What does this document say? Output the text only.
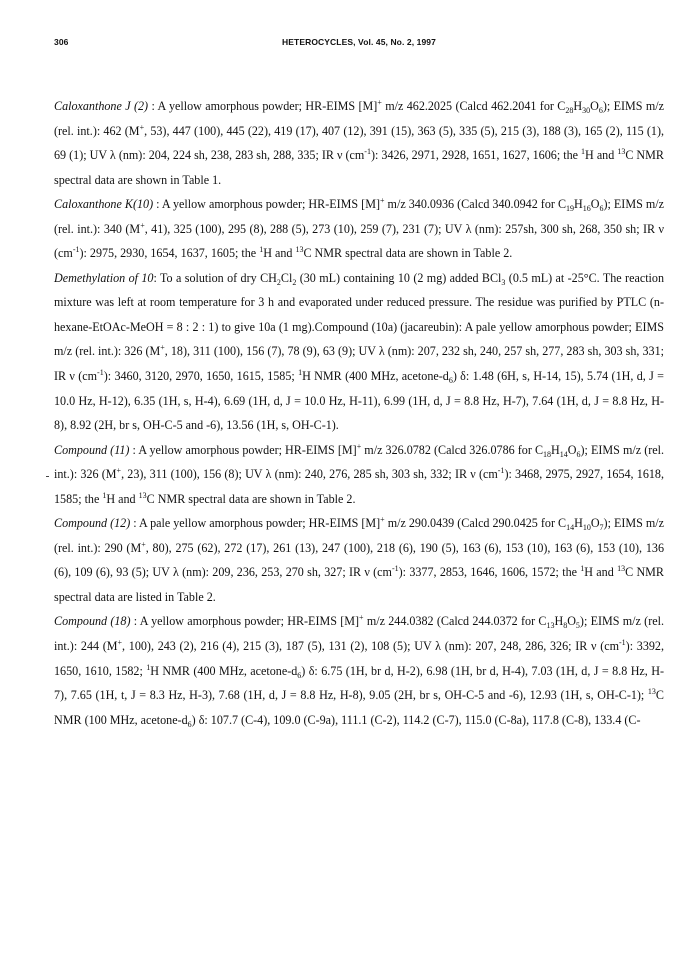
306	HETEROCYCLES, Vol. 45, No. 2, 1997

Caloxanthone J (2) : A yellow amorphous powder; HR-EIMS [M]+ m/z 462.2025 (Calcd 462.2041 for $C_{28}H_{30}O_6$); EIMS m/z (rel. int.): 462 (M+, 53), 447 (100), 445 (22), 419 (17), 407 (12), 391 (15), 363 (5), 335 (5), 215 (3), 188 (3), 165 (2), 115 (1), 69 (1); UV λ (nm): 204, 224 sh, 238, 283 sh, 288, 335; IR ν $(cm^{-1})$: 3426, 2971, 2928, 1651, 1627, 1606; the $^1$H and $^{13}$C NMR spectral data are shown in Table 1.

Caloxanthone K(10) : A yellow amorphous powder; HR-EIMS [M]+ m/z 340.0936 (Calcd 340.0942 for $C_{19}H_{16}O_6$); EIMS m/z (rel. int.): 340 (M+, 41), 325 (100), 295 (8), 288 (5), 273 (10), 259 (7), 231 (7); UV λ (nm): 257sh, 300 sh, 268, 350 sh; IR ν $(cm^{-1})$: 2975, 2930, 1654, 1637, 1605; the $^1$H and $^{13}$C NMR spectral data are shown in Table 2.

Demethylation of 10: To a solution of dry $CH_2Cl_2$ (30 mL) containing 10 (2 mg) added BCl$_3$ (0.5 mL) at -25°C. The reaction mixture was left at room temperature for 3 h and evaporated under reduced pressure. The residue was purified by PTLC (n-hexane-EtOAc-MeOH = 8 : 2 : 1) to give 10a (1 mg).Compound (10a) (jacareubin): A pale yellow amorphous powder; EIMS m/z (rel. int.): 326 (M+, 18), 311 (100), 156 (7), 78 (9), 63 (9); UV λ (nm): 207, 232 sh, 240, 257 sh, 277, 283 sh, 303 sh, 331; IR ν $(cm^{-1})$: 3460, 3120, 2970, 1650, 1615, 1585; $^1$H NMR (400 MHz, acetone-$d_6$) δ: 1.48 (6H, s, H-14, 15), 5.74 (1H, d, J = 10.0 Hz, H-12), 6.35 (1H, s, H-4), 6.69 (1H, d, J = 10.0 Hz, H-11), 6.99 (1H, d, J = 8.8 Hz, H-7), 7.64 (1H, d, J = 8.8 Hz, H-8), 8.92 (2H, br s, OH-C-5 and -6), 13.56 (1H, s, OH-C-1).

Compound (11) : A yellow amorphous powder; HR-EIMS [M]+ m/z 326.0782 (Calcd 326.0786 for $C_{18}H_{14}O_6$); EIMS m/z (rel. int.): 326 (M+, 23), 311 (100), 156 (8); UV λ (nm): 240, 276, 285 sh, 303 sh, 332; IR ν $(cm^{-1})$: 3468, 2975, 2927, 1654, 1618, 1585; the $^1$H and $^{13}$C NMR spectral data are shown in Table 2.

Compound (12) : A pale yellow amorphous powder; HR-EIMS [M]+ m/z 290.0439 (Calcd 290.0425 for $C_{14}H_{10}O_7$); EIMS m/z (rel. int.): 290 (M+, 80), 275 (62), 272 (17), 261 (13), 247 (100), 218 (6), 190 (5), 163 (6), 153 (10), 163 (6), 153 (10), 136 (6), 109 (6), 93 (5); UV λ (nm): 209, 236, 253, 270 sh, 327; IR ν $(cm^{-1})$: 3377, 2853, 1646, 1606, 1572; the $^1$H and $^{13}$C NMR spectral data are listed in Table 2.

Compound (18) : A yellow amorphous powder; HR-EIMS [M]+ m/z 244.0382 (Calcd 244.0372 for $C_{13}H_8O_5$); EIMS m/z (rel. int.): 244 (M+, 100), 243 (2), 216 (4), 215 (3), 187 (5), 131 (2), 108 (5); UV λ (nm): 207, 248, 286, 326; IR ν $(cm^{-1})$: 3392, 1650, 1610, 1582; $^1$H NMR (400 MHz, acetone-$d_6$) δ: 6.75 (1H, br d, H-2), 6.98 (1H, br d, H-4), 7.03 (1H, d, J = 8.8 Hz, H-7), 7.65 (1H, t, J = 8.3 Hz, H-3), 7.68 (1H, d, J = 8.8 Hz, H-8), 9.05 (2H, br s, OH-C-5 and -6), 12.93 (1H, s, OH-C-1); $^{13}$C NMR (100 MHz, acetone-$d_6$) δ: 107.7 (C-4), 109.0 (C-9a), 111.1 (C-2), 114.2 (C-7), 115.0 (C-8a), 117.8 (C-8), 133.4 (C-
